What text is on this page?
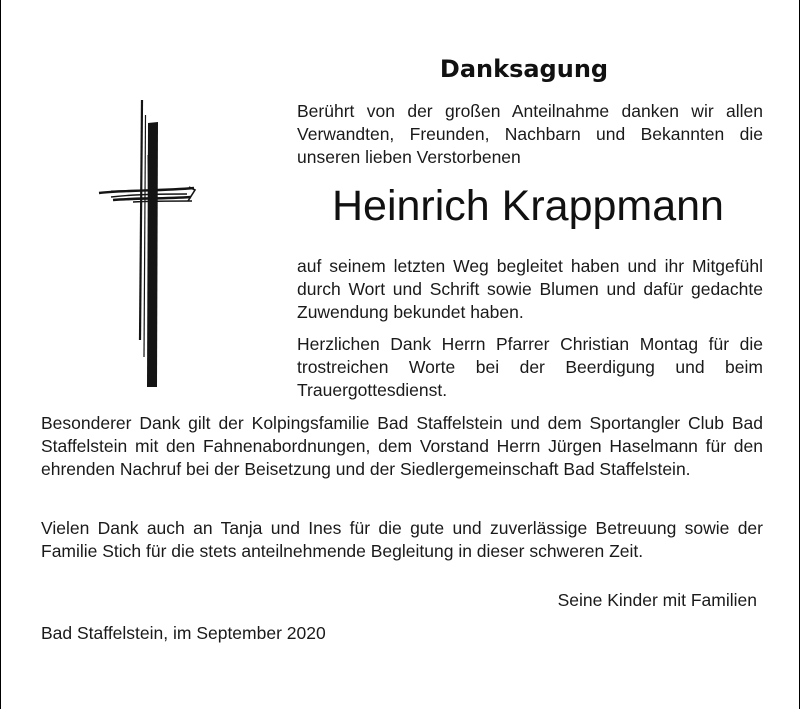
Danksagung

Berührt von der großen Anteilnahme danken wir allen Verwandten, Freunden, Nachbarn und Bekannten die unseren lieben Verstorbenen

Heinrich Krappmann

auf seinem letzten Weg begleitet haben und ihr Mitgefühl durch Wort und Schrift sowie Blumen und dafür gedachte Zuwendung bekundet haben.

Herzlichen Dank Herrn Pfarrer Christian Montag für die trostreichen Worte bei der Beerdigung und beim Trauergottesdienst.

Besonderer Dank gilt der Kolpingsfamilie Bad Staffelstein und dem Sportangler Club Bad Staffelstein mit den Fahnenabordnungen, dem Vorstand Herrn Jürgen Haselmann für den ehrenden Nachruf bei der Beisetzung und der Siedlergemeinschaft Bad Staffelstein.

Vielen Dank auch an Tanja und Ines für die gute und zuverlässige Betreuung sowie der Familie Stich für die stets anteilnehmende Begleitung in dieser schweren Zeit.

Seine Kinder mit Familien
Bad Staffelstein, im September 2020
